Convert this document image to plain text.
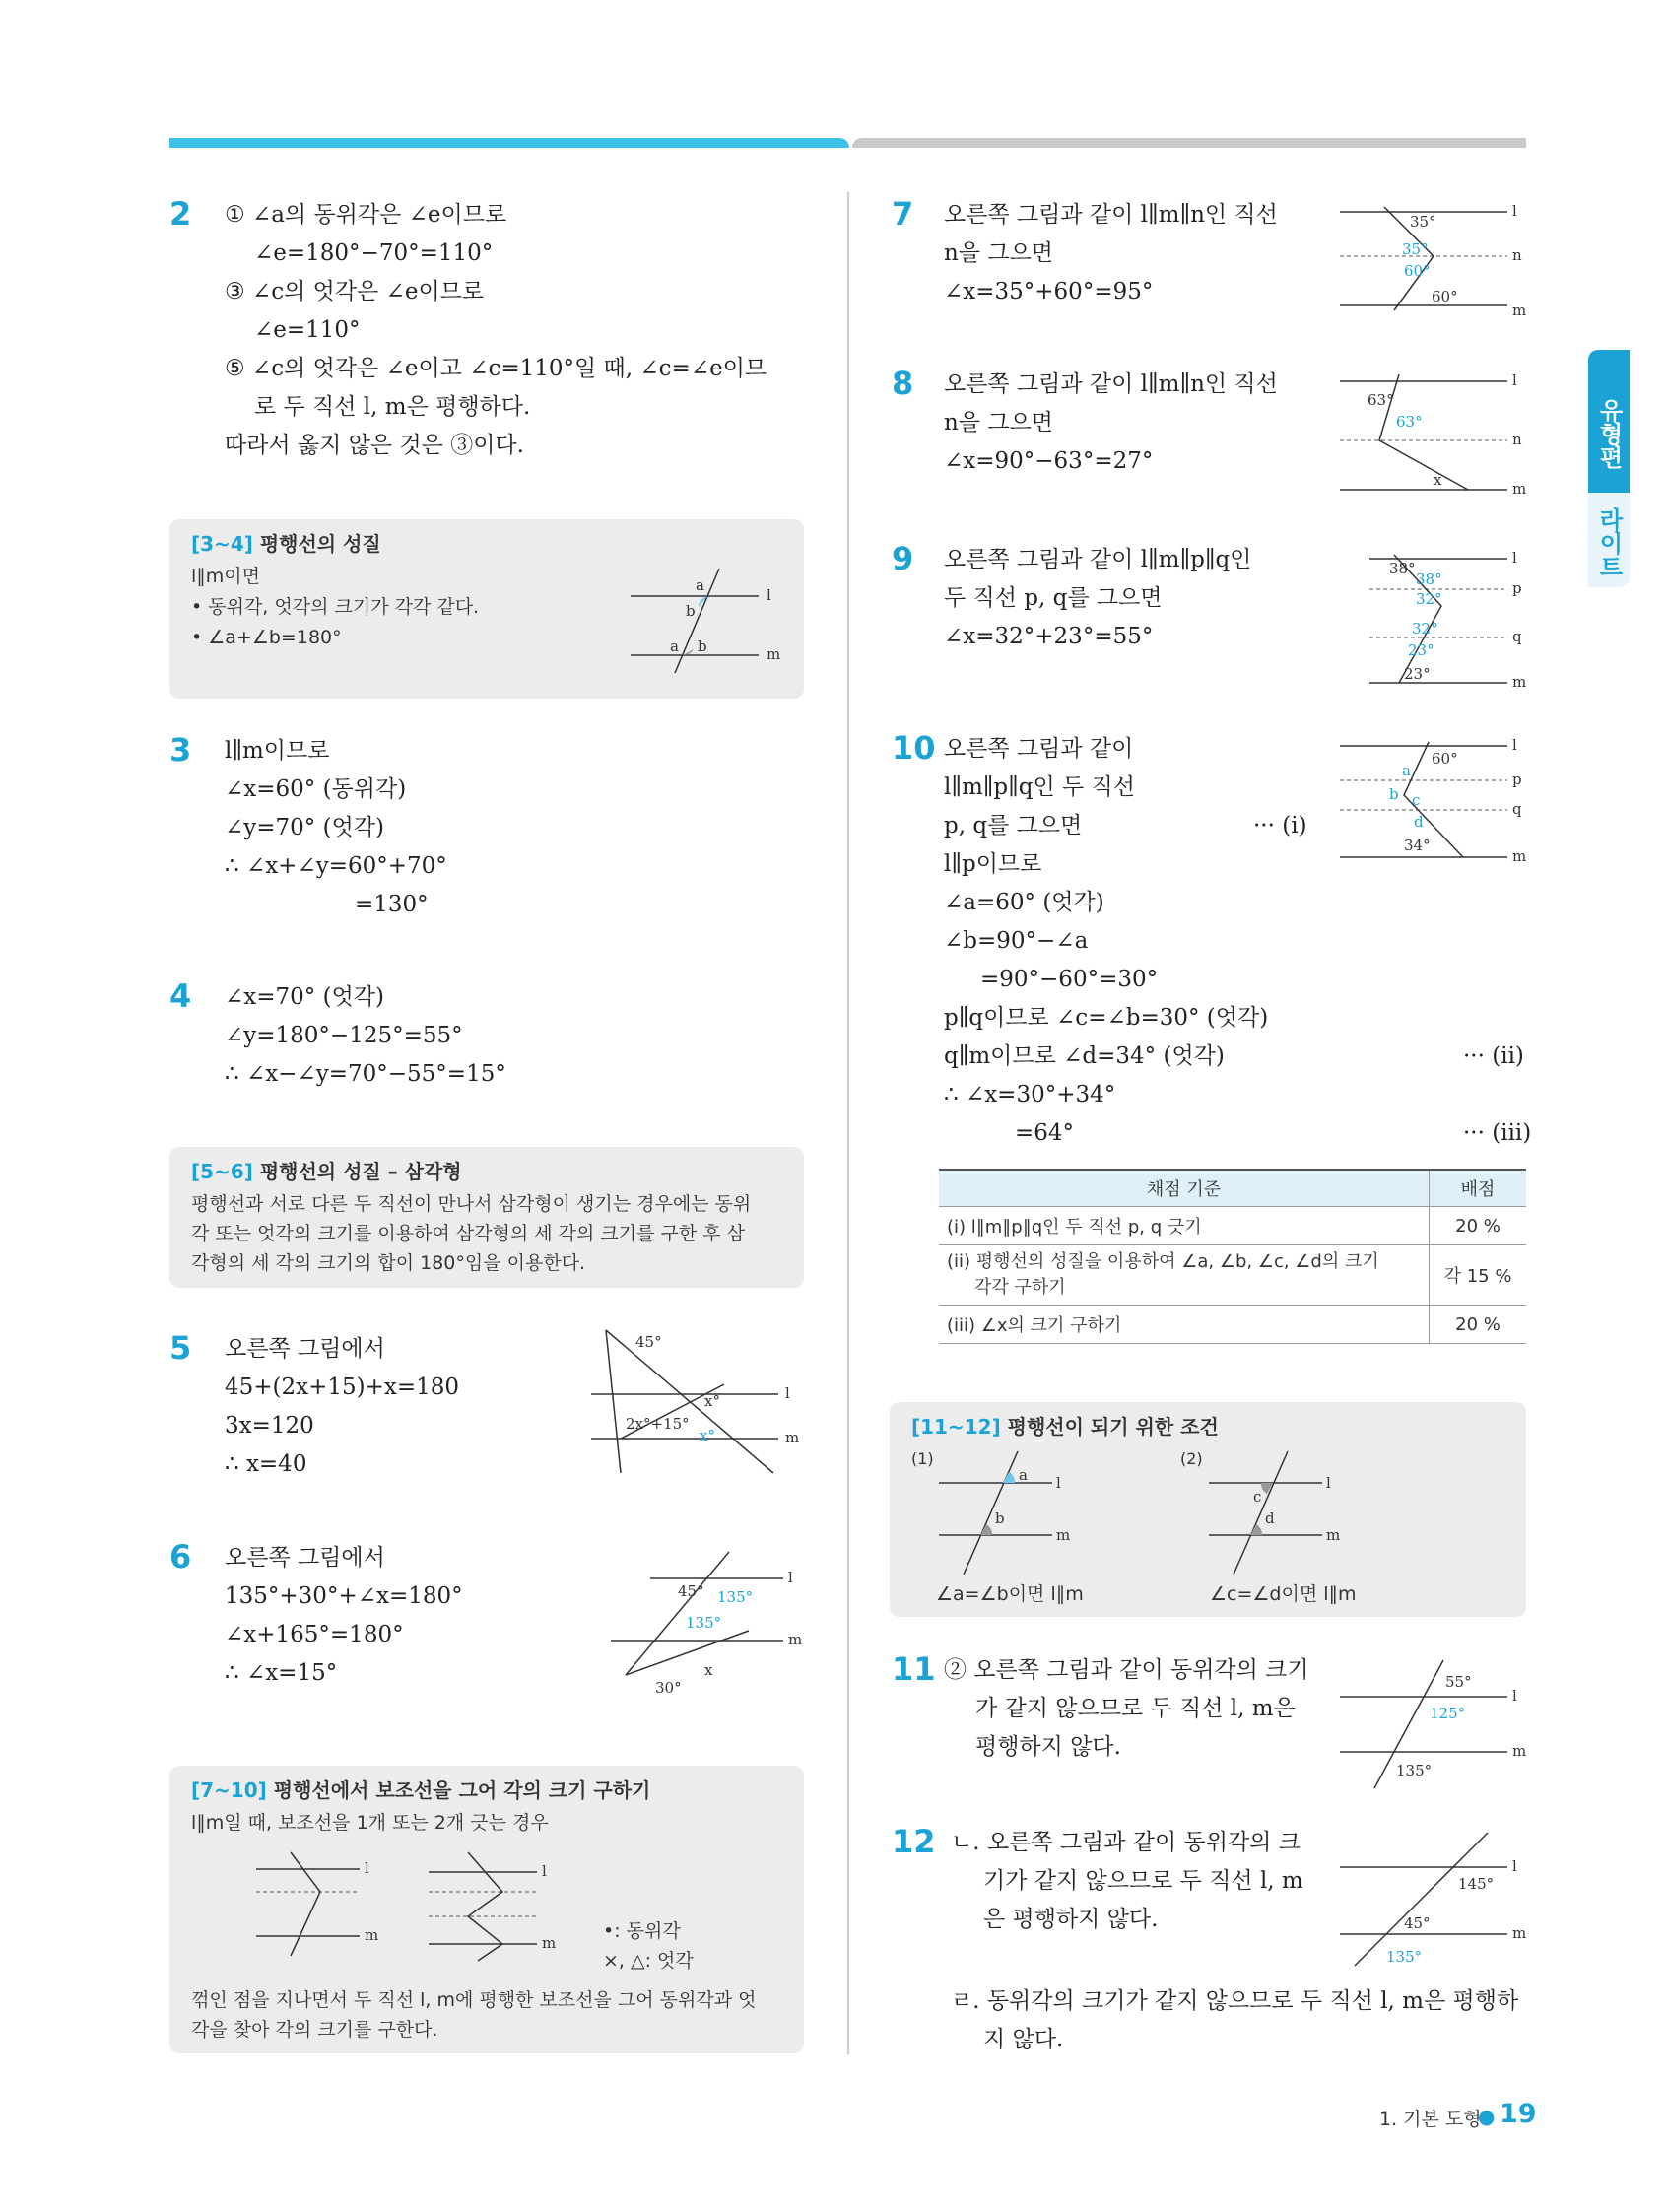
유형편
라이트
2 ① ∠a의 동위각은 ∠e이므로
∠e=180°−70°=110°
③ ∠c의 엇각은 ∠e이므로
∠e=110°
⑤ ∠c의 엇각은 ∠e이고 ∠c=110°일 때, ∠c=∠e이므
로 두 직선 l, m은 평행하다.
따라서 옳지 않은 것은 ③이다.
[3~4] 평행선의 성질
l∥m이면
• 동위각, 엇각의 크기가 각각 같다.
• ∠a+∠b=180°
a
b
a b
l
m
3 l∥m이므로
∠x=60° (동위각)
∠y=70° (엇각)
∴ ∠x+∠y=60°+70°
=130°
4 ∠x=70° (엇각)
∠y=180°−125°=55°
∴ ∠x−∠y=70°−55°=15°
[5~6] 평행선의 성질 – 삼각형
평행선과 서로 다른 두 직선이 만나서 삼각형이 생기는 경우에는 동위
각 또는 엇각의 크기를 이용하여 삼각형의 세 각의 크기를 구한 후 삼
각형의 세 각의 크기의 합이 180°임을 이용한다.
5 오른쪽 그림에서
45+(2x+15)+x=180
3x=120
∴ x=40
45°
2x°+15°
x°
x°
l
m
6 오른쪽 그림에서
135°+30°+∠x=180°
∠x+165°=180°
∴ ∠x=15°
45° 135°
135°
30°
x
l
m
[7~10] 평행선에서 보조선을 그어 각의 크기 구하기
l∥m일 때, 보조선을 1개 또는 2개 긋는 경우
l
m
l
m
•: 동위각
×, △: 엇각
꺾인 점을 지나면서 두 직선 l, m에 평행한 보조선을 그어 동위각과 엇
각을 찾아 각의 크기를 구한다.
7 오른쪽 그림과 같이 l∥m∥n인 직선
n을 그으면
∠x=35°+60°=95°
35°
35°
60°
60°
l
n
m
8 오른쪽 그림과 같이 l∥m∥n인 직선
n을 그으면
∠x=90°−63°=27°
63°
63°
x
l
n
m
9 오른쪽 그림과 같이 l∥m∥p∥q인
두 직선 p, q를 그으면
∠x=32°+23°=55°
38°
38°
32°
32°
23°
23°
l
p
q
m
10 오른쪽 그림과 같이
l∥m∥p∥q인 두 직선
p, q를 그으면	··· (i)
l∥p이므로
∠a=60° (엇각)
∠b=90°−∠a
=90°−60°=30°
p∥q이므로 ∠c=∠b=30° (엇각)
q∥m이므로 ∠d=34° (엇각)	··· (ii)
∴ ∠x=30°+34°
=64°	··· (iii)
60°
34°
a
b c
d
l
p
q
m
채점 기준	배점
(i) l∥m∥p∥q인 두 직선 p, q 긋기	20 %

(ii) 평행선의 성질을 이용하여 ∠a, ∠b, ∠c, ∠d의 크기
각각 구하기	각 15 %
(iii) ∠x의 크기 구하기	20 %
[11~12] 평행선이 되기 위한 조건
(1)	(2)
a
b
l
m
c
d
l
m
∠a=∠b이면 l∥m	∠c=∠d이면 l∥m
11 ② 오른쪽 그림과 같이 동위각의 크기
가 같지 않으므로 두 직선 l, m은
평행하지 않다.
55°
125°
135°
l
m
12 ㄴ. 오른쪽 그림과 같이 동위각의 크
기가 같지 않으므로 두 직선 l, m
은 평행하지 않다.
ㄹ. 동위각의 크기가 같지 않으므로 두 직선 l, m은 평행하
지 않다.
145°
45°
135°
l
m
1. 기본 도형
● 19
